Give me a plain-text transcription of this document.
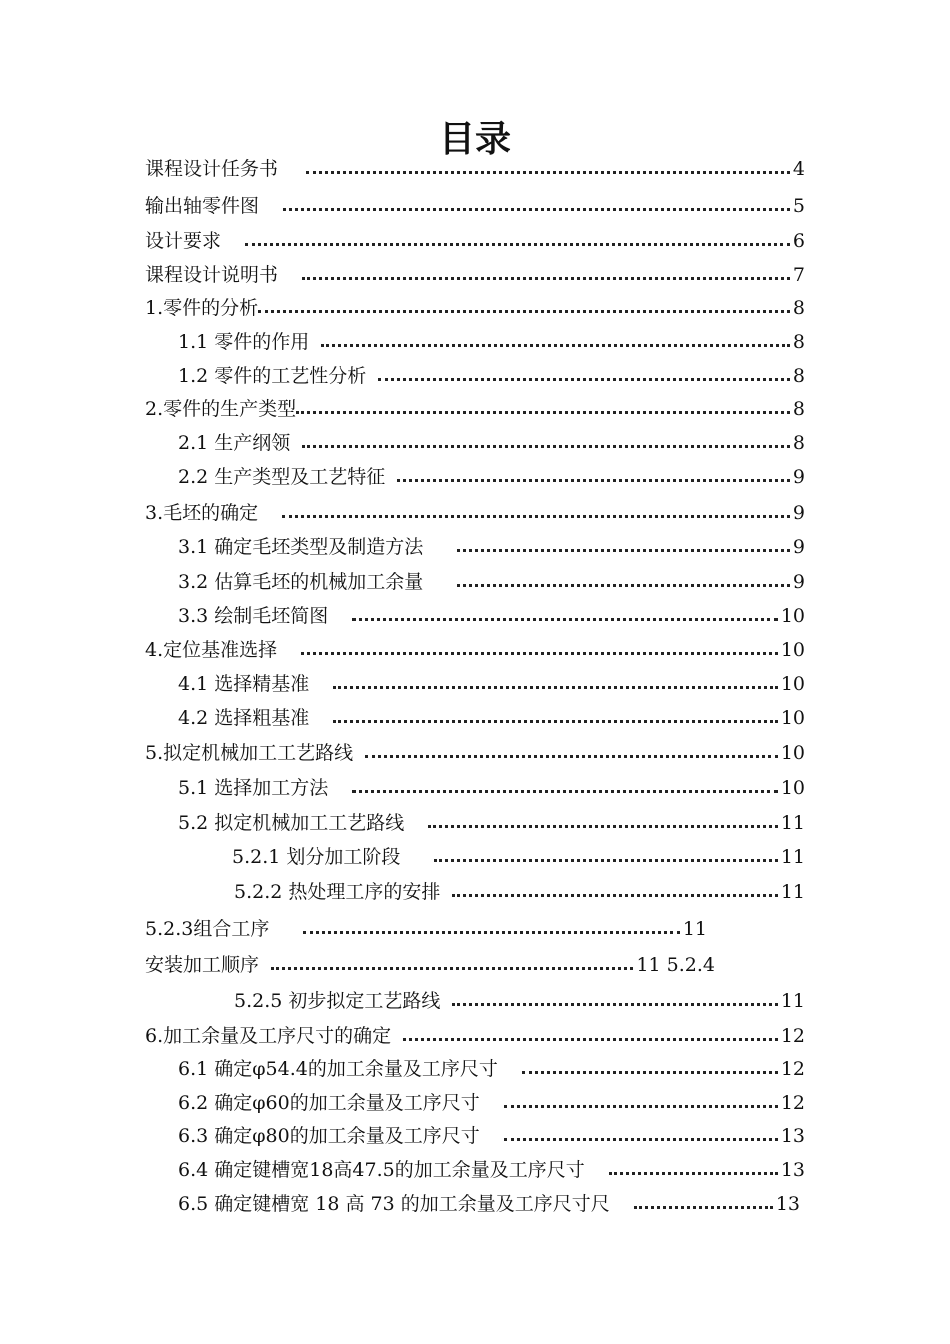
目录
课程设计任务书	4
输出轴零件图	5
设计要求	6
课程设计说明书	7
1.零件的分析	8
1.1 零件的作用	8
1.2 零件的工艺性分析	8
2.零件的生产类型	8
2.1 生产纲领	8
2.2 生产类型及工艺特征	9
3.毛坯的确定	9
3.1 确定毛坯类型及制造方法	9
3.2 估算毛坯的机械加工余量	9
3.3 绘制毛坯简图	10
4.定位基准选择	10
4.1 选择精基准	10
4.2 选择粗基准	10
5.拟定机械加工工艺路线	10
5.1 选择加工方法	10
5.2 拟定机械加工工艺路线	11
5.2.1 划分加工阶段	11
5.2.2 热处理工序的安排	11
5.2.3组合工序	11
安装加工顺序	11 5.2.4
5.2.5 初步拟定工艺路线	11
6.加工余量及工序尺寸的确定	12
6.1 确定φ54.4的加工余量及工序尺寸	12
6.2 确定φ60的加工余量及工序尺寸	12
6.3 确定φ80的加工余量及工序尺寸	13
6.4 确定键槽宽18高47.5的加工余量及工序尺寸	13
6.5 确定键槽宽 18 高 73 的加工余量及工序尺寸尺	13
